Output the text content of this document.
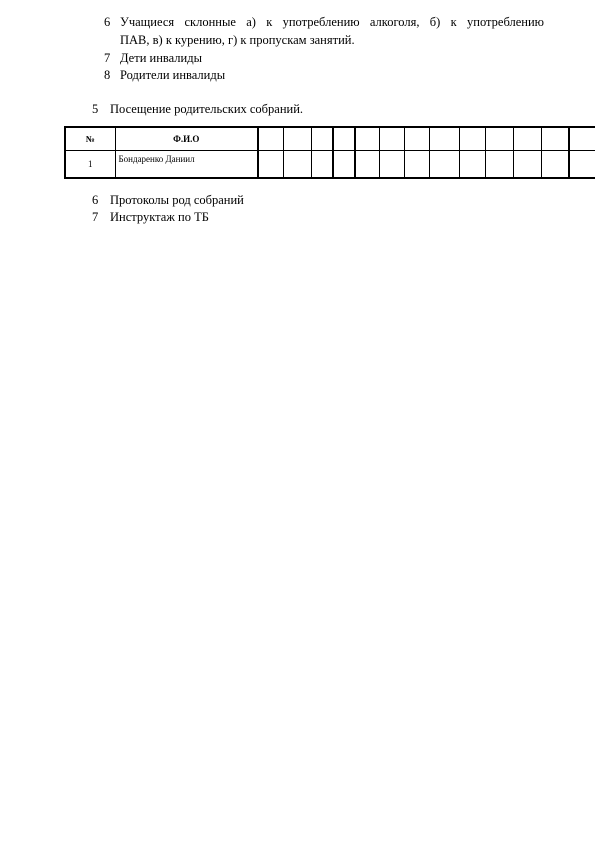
6 Учащиеся склонные а) к употреблению алкоголя, б) к употреблению
ПАВ, в) к курению, г) к пропускам занятий.
7 Дети инвалиды
8 Родители инвалиды
5 Посещение родительских собраний.
№	Ф.И.О														
1	Бондаренко Даниил														
6 Протоколы род собраний
7 Инструктаж по ТБ
